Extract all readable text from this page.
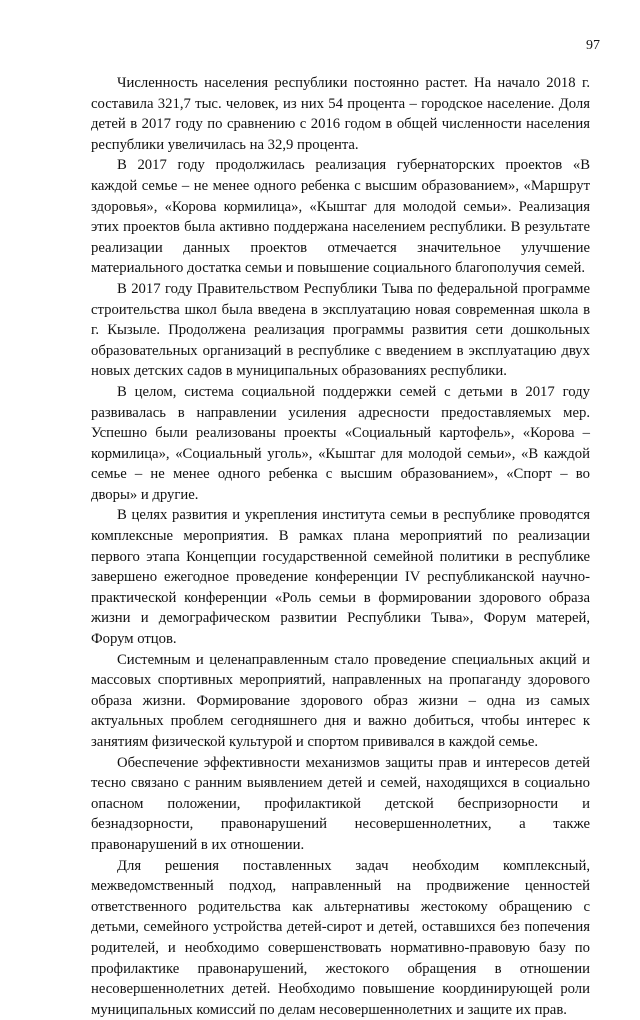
97

Численность населения республики постоянно растет. На начало 2018 г. составила 321,7 тыс. человек, из них 54 процента – городское население. Доля детей в 2017 году по сравнению с 2016 годом в общей численности населения республики увеличилась на 32,9 процента.

В 2017 году продолжилась реализация губернаторских проектов «В каждой семье – не менее одного ребенка с высшим образованием», «Маршрут здоровья», «Корова кормилица», «Кыштаг для молодой семьи». Реализация этих проектов была активно поддержана населением республики. В результате реализации данных проектов отмечается значительное улучшение материального достатка семьи и повышение социального благополучия семей.

В 2017 году Правительством Республики Тыва по федеральной программе строительства школ была введена в эксплуатацию новая современная школа в г. Кызыле. Продолжена реализация программы развития сети дошкольных образовательных организаций в республике с введением в эксплуатацию двух новых детских садов в муниципальных образованиях республики.

В целом, система социальной поддержки семей с детьми в 2017 году развивалась в направлении усиления адресности предоставляемых мер. Успешно были реализованы проекты «Социальный картофель», «Корова – кормилица», «Социальный уголь», «Кыштаг для молодой семьи», «В каждой семье – не менее одного ребенка с высшим образованием», «Спорт – во дворы» и другие.

В целях развития и укрепления института семьи в республике проводятся комплексные мероприятия. В рамках плана мероприятий по реализации первого этапа Концепции государственной семейной политики в республике завершено ежегодное проведение конференции IV республиканской научно-практической конференции «Роль семьи в формировании здорового образа жизни и демографическом развитии Республики Тыва», Форум матерей, Форум отцов.

Системным и целенаправленным стало проведение специальных акций и массовых спортивных мероприятий, направленных на пропаганду здорового образа жизни. Формирование здорового образ жизни – одна из самых актуальных проблем сегодняшнего дня и важно добиться, чтобы интерес к занятиям физической культурой и спортом прививался в каждой семье.

Обеспечение эффективности механизмов защиты прав и интересов детей тесно связано с ранним выявлением детей и семей, находящихся в социально опасном положении, профилактикой детской беспризорности и безнадзорности, правонарушений несовершеннолетних, а также правонарушений в их отношении.

Для решения поставленных задач необходим комплексный, межведомственный подход, направленный на продвижение ценностей ответственного родительства как альтернативы жестокому обращению с детьми, семейного устройства детей-сирот и детей, оставшихся без попечения родителей, и необходимо совершенствовать нормативно-правовую базу по профилактике правонарушений, жестокого обращения в отношении несовершеннолетних детей. Необходимо повышение координирующей роли муниципальных комиссий по делам несовершеннолетних и защите их прав.
